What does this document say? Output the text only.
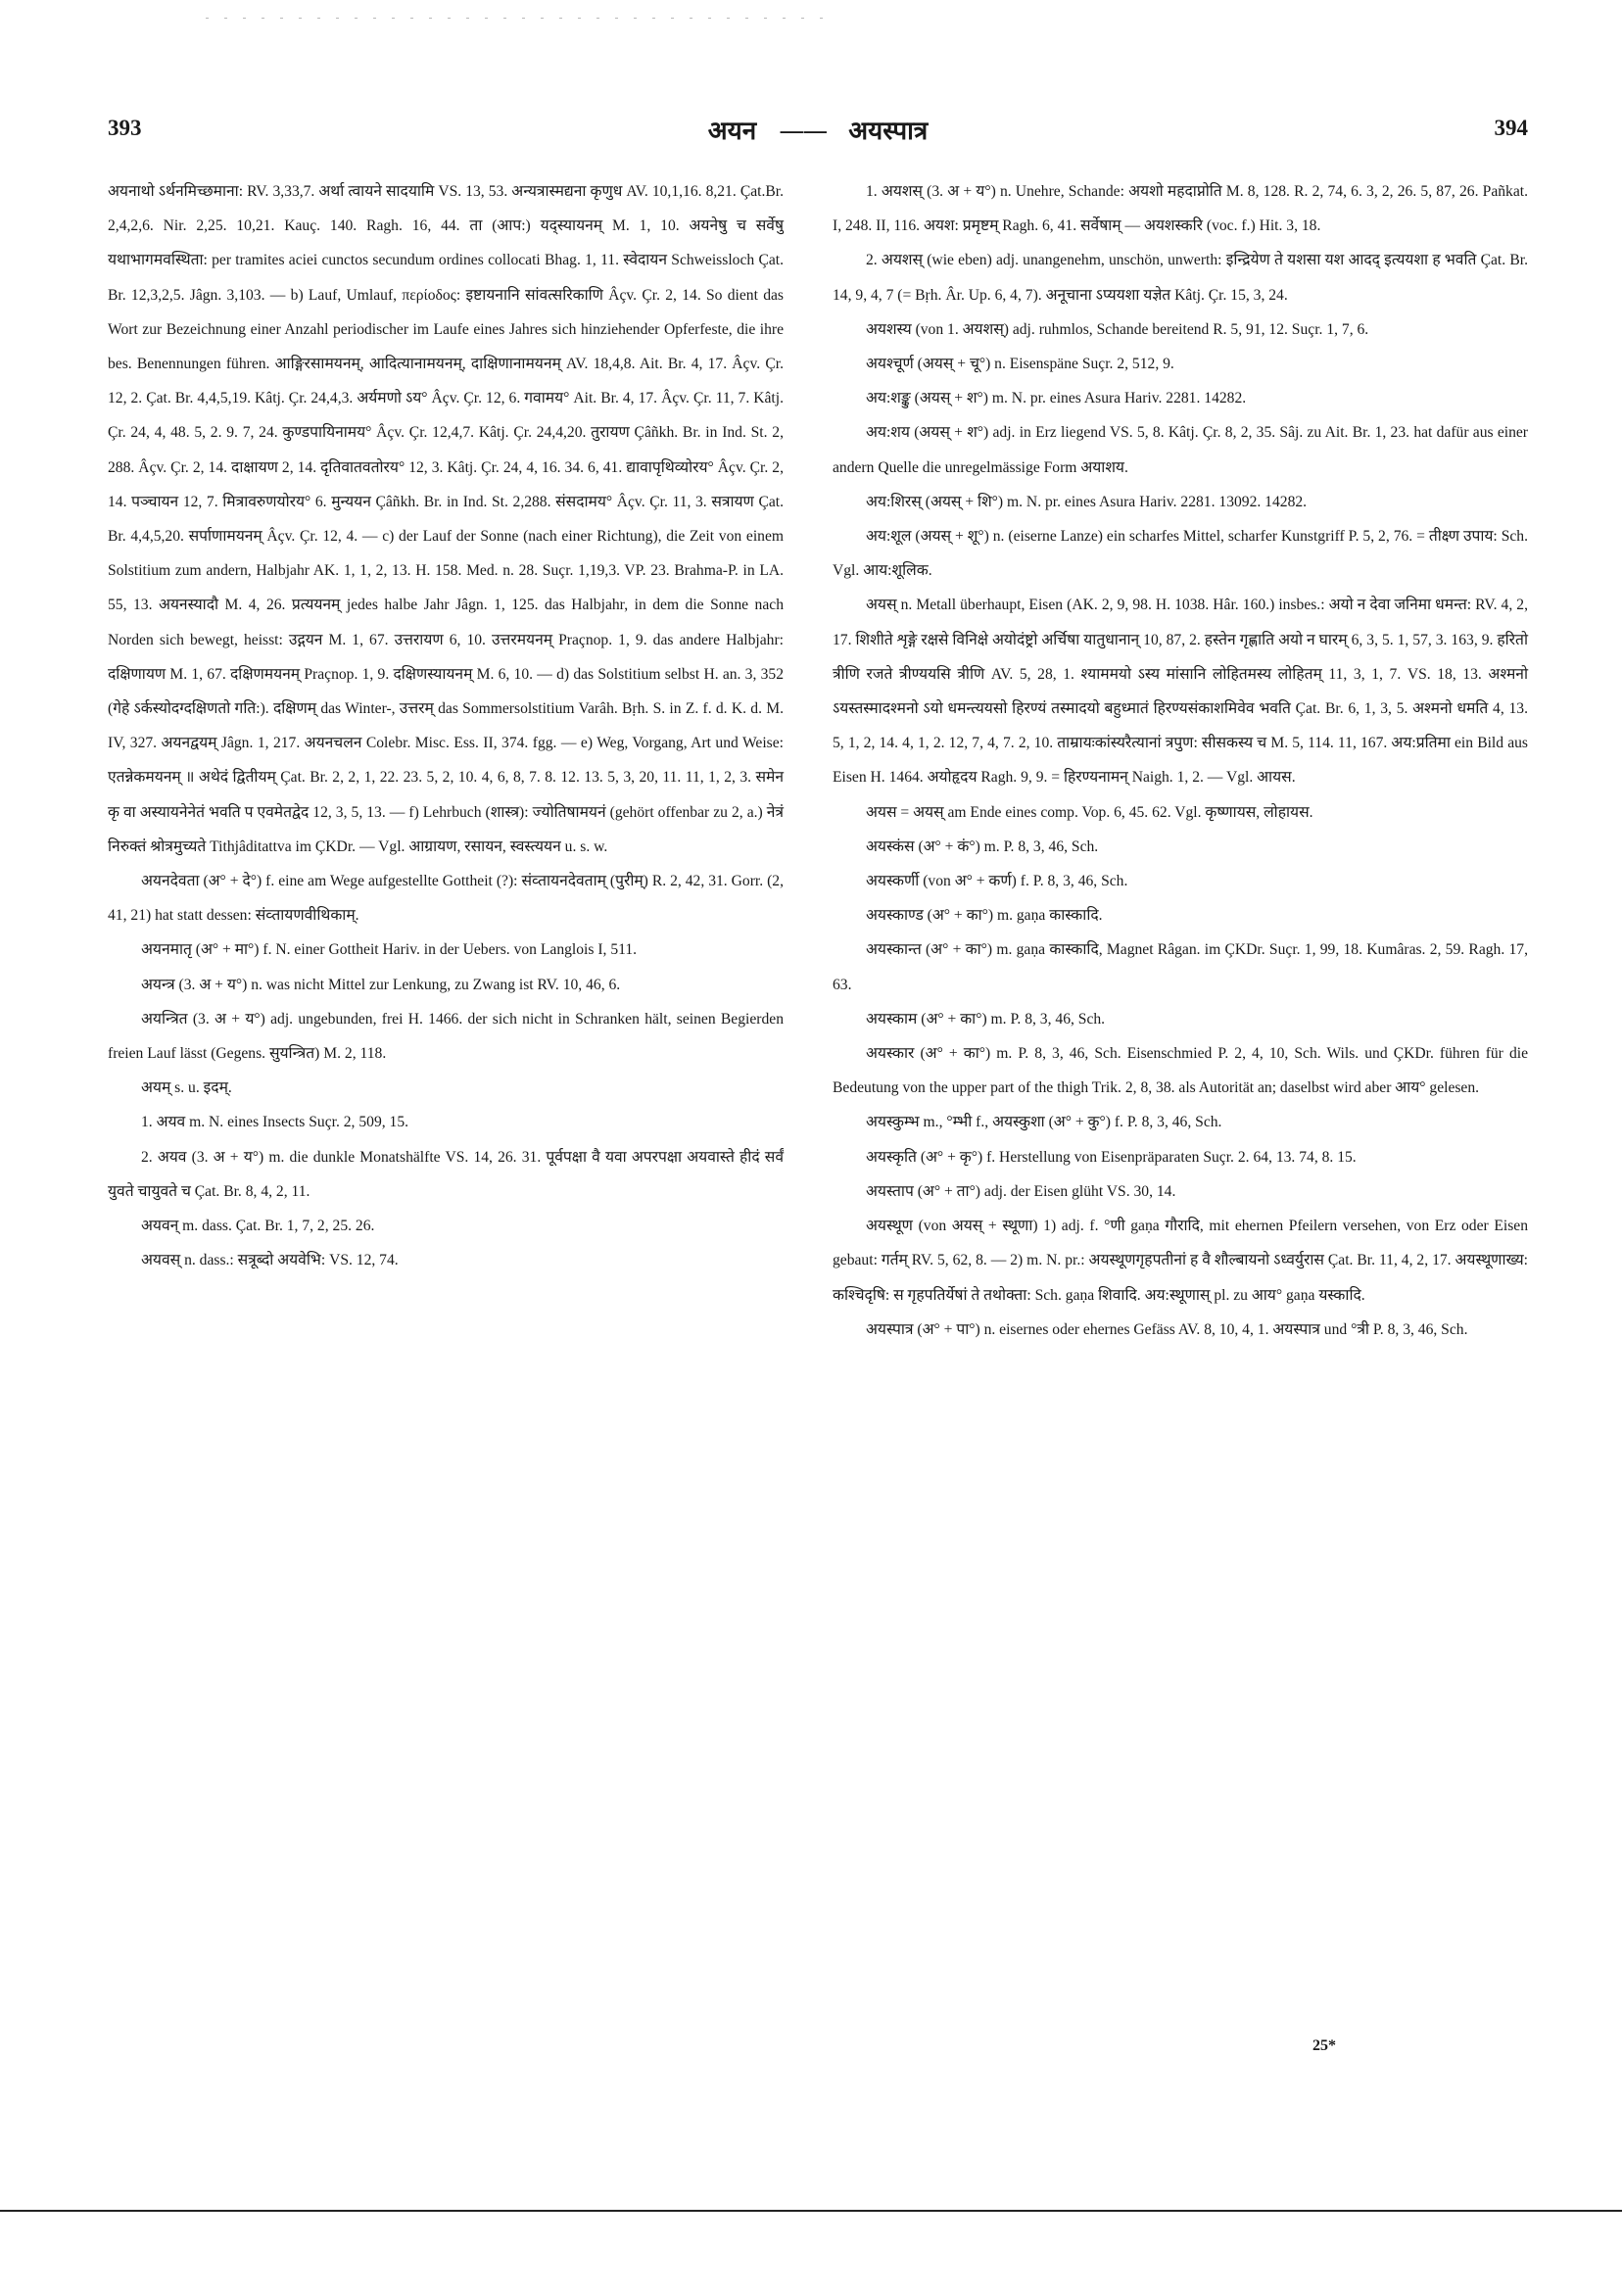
393	अयन —— अयस्पात्र	394

अयनाथो ऽर्थनमिच्छमाना: RV. 3,33,7. अर्था त्वायने सादयामि VS. 13, 53. अन्यत्रास्मद्यना कृणुध AV. 10,1,16. 8,21. Çat.Br. 2,4,2,6. Nir. 2,25. 10,21. Kauç. 140. Ragh. 16, 44. ता (आप:) यद्स्यायनम् M. 1, 10. अयनेषु च सर्वेषु यथाभागमवस्थिता: per tramites aciei cunctos secundum ordines collocati Bhag. 1, 11. स्वेदायन Schweissloch Çat. Br. 12,3,2,5. Jâgn. 3,103. — b) Lauf, Umlauf, περίοδος: इष्टायनानि सांवत्सरिकाणि Âçv. Çr. 2, 14. So dient das Wort zur Bezeichnung einer Anzahl periodischer im Laufe eines Jahres sich hinziehender Opferfeste, die ihre bes. Benennungen führen. आङ्गिरसामयनम्, आदित्यानामयनम्, दाक्षिणानामयनम् AV. 18,4,8. Ait. Br. 4, 17. Âçv. Çr. 12, 2. Çat. Br. 4,4,5,19. Kâtj. Çr. 24,4,3. अर्यमणो ऽय° Âçv. Çr. 12, 6. गवामय° Ait. Br. 4, 17. Âçv. Çr. 11, 7. Kâtj. Çr. 24, 4, 48. 5, 2. 9. 7, 24. कुण्डपायिनामय° Âçv. Çr. 12,4,7. Kâtj. Çr. 24,4,20. तुरायण Çâñkh. Br. in Ind. St. 2, 288. Âçv. Çr. 2, 14. दाक्षायण 2, 14. दृतिवातवतोरय° 12, 3. Kâtj. Çr. 24, 4, 16. 34. 6, 41. द्यावापृथिव्योरय° Âçv. Çr. 2, 14. पञ्चायन 12, 7. मित्रावरुणयोरय° 6. मुन्ययन Çâñkh. Br. in Ind. St. 2,288. संसदामय° Âçv. Çr. 11, 3. सत्रायण Çat. Br. 4,4,5,20. सर्पाणामयनम् Âçv. Çr. 12, 4. — c) der Lauf der Sonne (nach einer Richtung), die Zeit von einem Solstitium zum andern, Halbjahr AK. 1, 1, 2, 13. H. 158. Med. n. 28. Suçr. 1,19,3. VP. 23. Brahma-P. in LA. 55, 13. अयनस्यादौ M. 4, 26. प्रत्ययनम् jedes halbe Jahr Jâgn. 1, 125. das Halbjahr, in dem die Sonne nach Norden sich bewegt, heisst: उद्गयन M. 1, 67. उत्तरायण 6, 10. उत्तरमयनम् Praçnop. 1, 9. das andere Halbjahr: दक्षिणायण M. 1, 67. दक्षिणमयनम् Praçnop. 1, 9. दक्षिणस्यायनम् M. 6, 10. — d) das Solstitium selbst H. an. 3, 352 (गेहे ऽर्कस्योदग्दक्षिणतो गति:). दक्षिणम् das Winter-, उत्तरम् das Sommersolstitium Varâh. Bṛh. S. in Z. f. d. K. d. M. IV, 327. अयनद्वयम् Jâgn. 1, 217. अयनचलन Colebr. Misc. Ess. II, 374. fgg. — e) Weg, Vorgang, Art und Weise: एतन्नेकमयनम् ॥ अथेदं द्वितीयम् Çat. Br. 2, 2, 1, 22. 23. 5, 2, 10. 4, 6, 8, 7. 8. 12. 13. 5, 3, 20, 11. 11, 1, 2, 3. समेन कृ वा अस्यायनेनेतं भवति प एवमेतद्वेद 12, 3, 5, 13. — f) Lehrbuch (शास्त्र): ज्योतिषामयनं (gehört offenbar zu 2, a.) नेत्रं निरुक्तं श्रोत्रमुच्यते Tithjâditattva im ÇKDr. — Vgl. आग्रायण, रसायन, स्वस्त्ययन u. s. w.

अयनदेवता (अ° + दे°) f. eine am Wege aufgestellte Gottheit (?): संव्तायनदेवताम् (पुरीम्) R. 2, 42, 31. Gorr. (2, 41, 21) hat statt dessen: संव्तायणवीथिकाम्.

अयनमातृ (अ° + मा°) f. N. einer Gottheit Hariv. in der Uebers. von Langlois I, 511.

अयन्त्र (3. अ + य°) n. was nicht Mittel zur Lenkung, zu Zwang ist RV. 10, 46, 6.

अयन्त्रित (3. अ + य°) adj. ungebunden, frei H. 1466. der sich nicht in Schranken hält, seinen Begierden freien Lauf lässt (Gegens. सुयन्त्रित) M. 2, 118.

अयम् s. u. इदम्.

1. अयव m. N. eines Insects Suçr. 2, 509, 15.

2. अयव (3. अ + य°) m. die dunkle Monatshälfte VS. 14, 26. 31. पूर्वपक्षा वै यवा अपरपक्षा अयवास्ते हीदं सर्वं युवते चायुवते च Çat. Br. 8, 4, 2, 11.

अयवन् m. dass. Çat. Br. 1, 7, 2, 25. 26.

अयवस् n. dass.: सत्रूब्दो अयवेभि: VS. 12, 74.

1. अयशस् (3. अ + य°) n. Unehre, Schande: अयशो महदाप्नोति M. 8, 128. R. 2, 74, 6. 3, 2, 26. 5, 87, 26. Pañkat. I, 248. II, 116. अयश: प्रमृष्टम् Ragh. 6, 41. सर्वेषाम् — अयशस्करि (voc. f.) Hit. 3, 18.

2. अयशस् (wie eben) adj. unangenehm, unschön, unwerth: इन्द्रियेण ते यशसा यश आदद् इत्ययशा ह भवति Çat. Br. 14, 9, 4, 7 (= Bṛh. Âr. Up. 6, 4, 7). अनूचाना ऽप्ययशा यज्ञेत Kâtj. Çr. 15, 3, 24.

अयशस्य (von 1. अयशस्) adj. ruhmlos, Schande bereitend R. 5, 91, 12. Suçr. 1, 7, 6.

अयश्चूर्ण (अयस् + चू°) n. Eisenspäne Suçr. 2, 512, 9.

अय:शङ्कु (अयस् + श°) m. N. pr. eines Asura Hariv. 2281. 14282.

अय:शय (अयस् + श°) adj. in Erz liegend VS. 5, 8. Kâtj. Çr. 8, 2, 35. Sâj. zu Ait. Br. 1, 23. hat dafür aus einer andern Quelle die unregelmässige Form अयाशय.

अय:शिरस् (अयस् + शि°) m. N. pr. eines Asura Hariv. 2281. 13092. 14282.

अय:शूल (अयस् + शू°) n. (eiserne Lanze) ein scharfes Mittel, scharfer Kunstgriff P. 5, 2, 76. = तीक्ष्ण उपाय: Sch. Vgl. आय:शूलिक.

अयस् n. Metall überhaupt, Eisen (AK. 2, 9, 98. H. 1038. Hâr. 160.) insbes.: अयो न देवा जनिमा धमन्त: RV. 4, 2, 17. शिशीते शृङ्गे रक्षसे विनिक्षे अयोदंष्ट्रो अर्चिषा यातुधानान् 10, 87, 2. हस्तेन गृह्णाति अयो न घारम् 6, 3, 5. 1, 57, 3. 163, 9. हरितो त्रीणि रजते त्रीण्ययसि त्रीणि AV. 5, 28, 1. श्याममयो ऽस्य मांसानि लोहितमस्य लोहितम् 11, 3, 1, 7. VS. 18, 13. अश्मनो ऽयस्तस्मादश्मनो ऽयो धमन्त्ययसो हिरण्यं तस्मादयो बहुध्मातं हिरण्यसंकाशमिवेव भवति Çat. Br. 6, 1, 3, 5. अश्मनो धमति 4, 13. 5, 1, 2, 14. 4, 1, 2. 12, 7, 4, 7. 2, 10. ताम्रायःकांस्यरैत्यानां त्रपुण: सीसकस्य च M. 5, 114. 11, 167. अय:प्रतिमा ein Bild aus Eisen H. 1464. अयोहृदय Ragh. 9, 9. = हिरण्यनामन् Naigh. 1, 2. — Vgl. आयस.

अयस = अयस् am Ende eines comp. Vop. 6, 45. 62. Vgl. कृष्णायस, लोहायस.

अयस्कंस (अ° + कं°) m. P. 8, 3, 46, Sch.

अयस्कर्णी (von अ° + कर्ण) f. P. 8, 3, 46, Sch.

अयस्काण्ड (अ° + का°) m. gaṇa कास्कादि.

अयस्कान्त (अ° + का°) m. gaṇa कास्कादि, Magnet Râgan. im ÇKDr. Suçr. 1, 99, 18. Kumâras. 2, 59. Ragh. 17, 63.

अयस्काम (अ° + का°) m. P. 8, 3, 46, Sch.

अयस्कार (अ° + का°) m. P. 8, 3, 46, Sch. Eisenschmied P. 2, 4, 10, Sch. Wils. und ÇKDr. führen für die Bedeutung von the upper part of the thigh Trik. 2, 8, 38. als Autorität an; daselbst wird aber आय° gelesen.

अयस्कुम्भ m., °म्भी f., अयस्कुशा (अ° + कु°) f. P. 8, 3, 46, Sch.

अयस्कृति (अ° + कृ°) f. Herstellung von Eisenpräparaten Suçr. 2. 64, 13. 74, 8. 15.

अयस्ताप (अ° + ता°) adj. der Eisen glüht VS. 30, 14.

अयस्थूण (von अयस् + स्थूणा) 1) adj. f. °णी gaṇa गौरादि, mit ehernen Pfeilern versehen, von Erz oder Eisen gebaut: गर्तम् RV. 5, 62, 8. — 2) m. N. pr.: अयस्थूणगृहपतीनां ह वै शौल्बायनो ऽध्वर्युरास Çat. Br. 11, 4, 2, 17. अयस्थूणाख्य: कश्चिदृषि: स गृहपतिर्येषां ते तथोक्ता: Sch. gaṇa शिवादि. अय:स्थूणास् pl. zu आय° gaṇa यस्कादि.

अयस्पात्र (अ° + पा°) n. eisernes oder ehernes Gefäss AV. 8, 10, 4, 1. अयस्पात्र und °त्री P. 8, 3, 46, Sch.

25*
